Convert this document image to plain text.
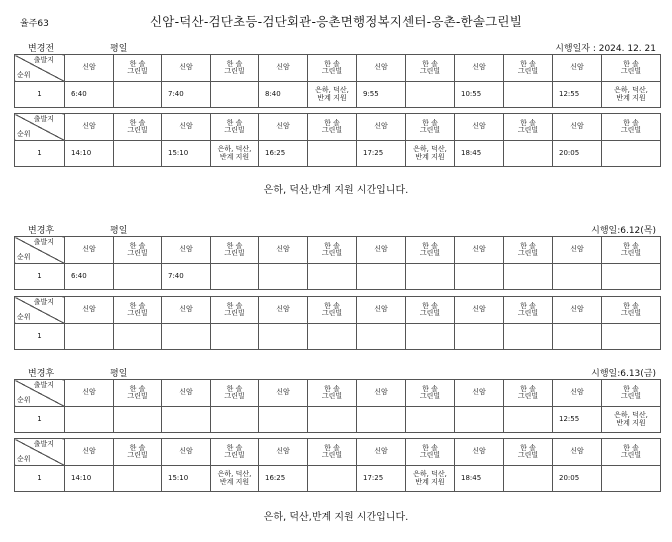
율주63	신암-덕산-검단초등-검단회관-응촌면행정복지센터-응촌-한솔그린빌
변경전	평일	시행일자 : 2024. 12. 21
출발지
순위	신암	한 솔
그린빌	신암	한 솔
그린빌	신암	한 솔
그린빌	신암	한 솔
그린빌	신암	한 솔
그린빌	신암	한 솔
그린빌
1	6:40		7:40		8:40	은하, 덕산,
반계 지원	9:55		10:55		12:55	은하, 덕산,
반계 지원
출발지
순위	신암	한 솔
그린빌	신암	한 솔
그린빌	신암	한 솔
그린빌	신암	한 솔
그린빌	신암	한 솔
그린빌	신암	한 솔
그린빌
1	14:10		15:10	은하, 덕산,
반계 지원	16:25		17:25	은하, 덕산,
반계 지원	18:45		20:05	
은하, 덕산,반계 지원 시간입니다.
변경후	평일	시행일:6.12(목)
출발지
순위	신암	한 솔
그린빌	신암	한 솔
그린빌	신암	한 솔
그린빌	신암	한 솔
그린빌	신암	한 솔
그린빌	신암	한 솔
그린빌
1	6:40		7:40									
출발지
순위	신암	한 솔
그린빌	신암	한 솔
그린빌	신암	한 솔
그린빌	신암	한 솔
그린빌	신암	한 솔
그린빌	신암	한 솔
그린빌
1												
변경후	평일	시행일:6.13(금)
출발지
순위	신암	한 솔
그린빌	신암	한 솔
그린빌	신암	한 솔
그린빌	신암	한 솔
그린빌	신암	한 솔
그린빌	신암	한 솔
그린빌
1											12:55	은하, 덕산,
반계 지원
출발지
순위	신암	한 솔
그린빌	신암	한 솔
그린빌	신암	한 솔
그린빌	신암	한 솔
그린빌	신암	한 솔
그린빌	신암	한 솔
그린빌
1	14:10		15:10	은하, 덕산,
반계 지원	16:25		17:25	은하, 덕산,
반계 지원	18:45		20:05	
은하, 덕산,반계 지원 시간입니다.
